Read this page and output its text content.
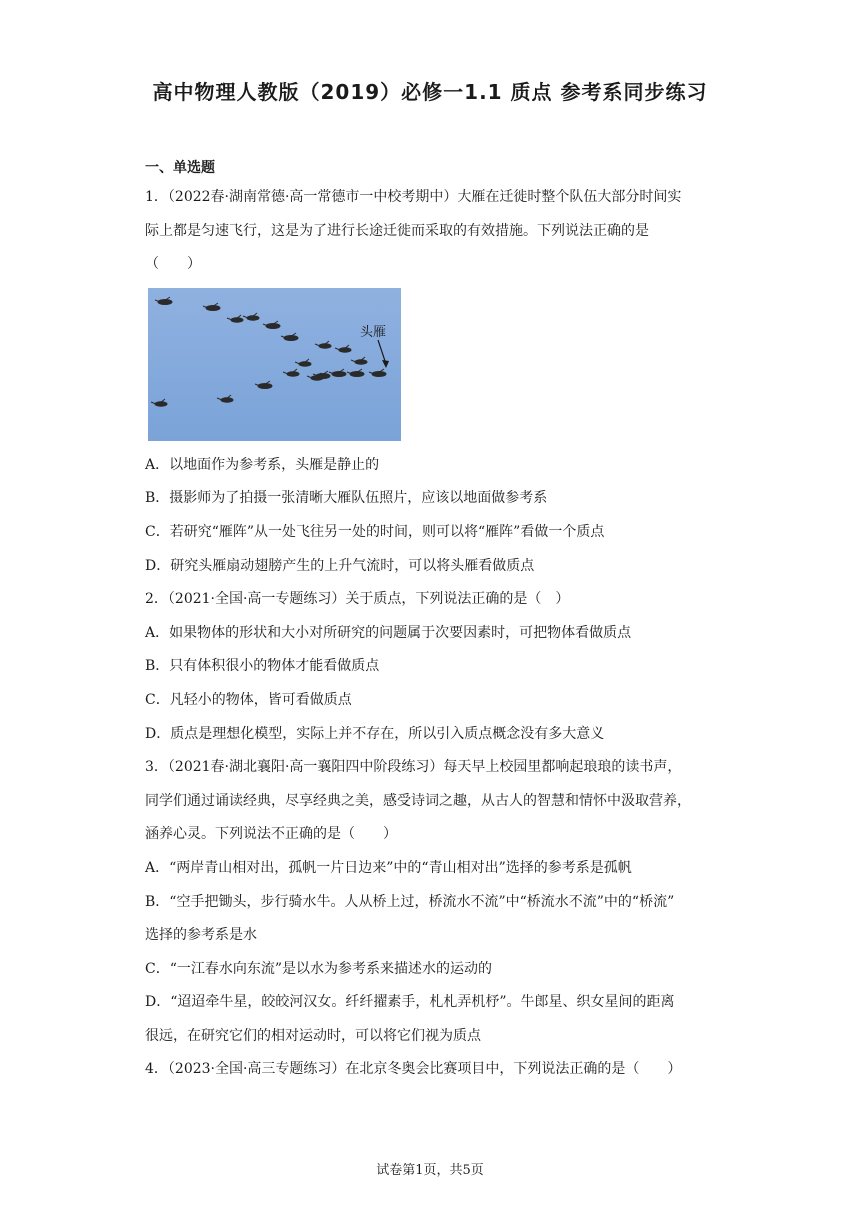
高中物理人教版（2019）必修一1.1 质点 参考系同步练习
一、单选题

1．（2022春·湖南常德·高一常德市一中校考期中）大雁在迁徙时整个队伍大部分时间实

际上都是匀速飞行，这是为了进行长途迁徙而采取的有效措施。下列说法正确的是

（　　）

头雁

A．以地面作为参考系，头雁是静止的

B．摄影师为了拍摄一张清晰大雁队伍照片，应该以地面做参考系

C．若研究“雁阵”从一处飞往另一处的时间，则可以将“雁阵”看做一个质点

D．研究头雁扇动翅膀产生的上升气流时，可以将头雁看做质点

2．（2021·全国·高一专题练习）关于质点，下列说法正确的是（　）

A．如果物体的形状和大小对所研究的问题属于次要因素时，可把物体看做质点

B．只有体积很小的物体才能看做质点

C．凡轻小的物体，皆可看做质点

D．质点是理想化模型，实际上并不存在，所以引入质点概念没有多大意义

3．（2021春·湖北襄阳·高一襄阳四中阶段练习）每天早上校园里都响起琅琅的读书声，

同学们通过诵读经典，尽享经典之美，感受诗词之趣，从古人的智慧和情怀中汲取营养，

涵养心灵。下列说法不正确的是（　　）

A．“两岸青山相对出，孤帆一片日边来”中的“青山相对出”选择的参考系是孤帆

B．“空手把锄头，步行骑水牛。人从桥上过，桥流水不流”中“桥流水不流”中的“桥流”

选择的参考系是水

C．“一江春水向东流”是以水为参考系来描述水的运动的

D．“迢迢牵牛星，皎皎河汉女。纤纤擢素手，札札弄机杼”。牛郎星、织女星间的距离

很远，在研究它们的相对运动时，可以将它们视为质点

4．（2023·全国·高三专题练习）在北京冬奥会比赛项目中，下列说法正确的是（　　）

试卷第1页，共5页
